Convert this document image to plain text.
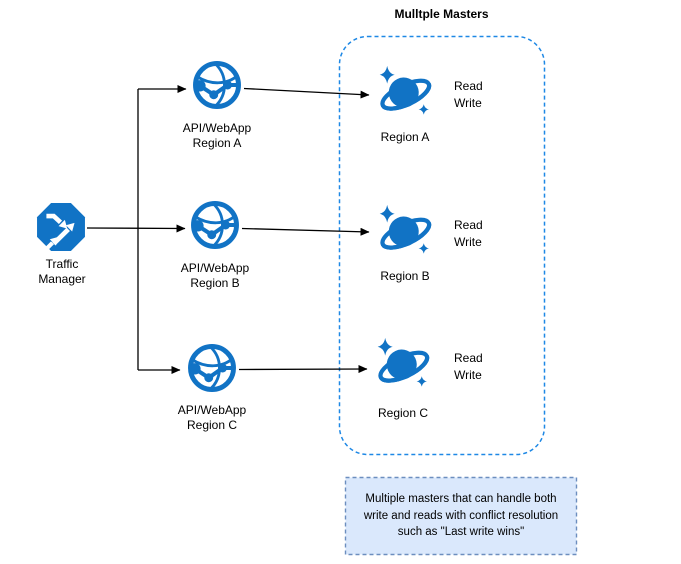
Mulltple Masters
Traffic
Manager
API/WebApp
Region A
API/WebApp
Region B
API/WebApp
Region C
Region A
Region B
Region C
Read
Write
Read
Write
Read
Write
Multiple masters that can handle both
write and reads with conflict resolution
such as "Last write wins"
